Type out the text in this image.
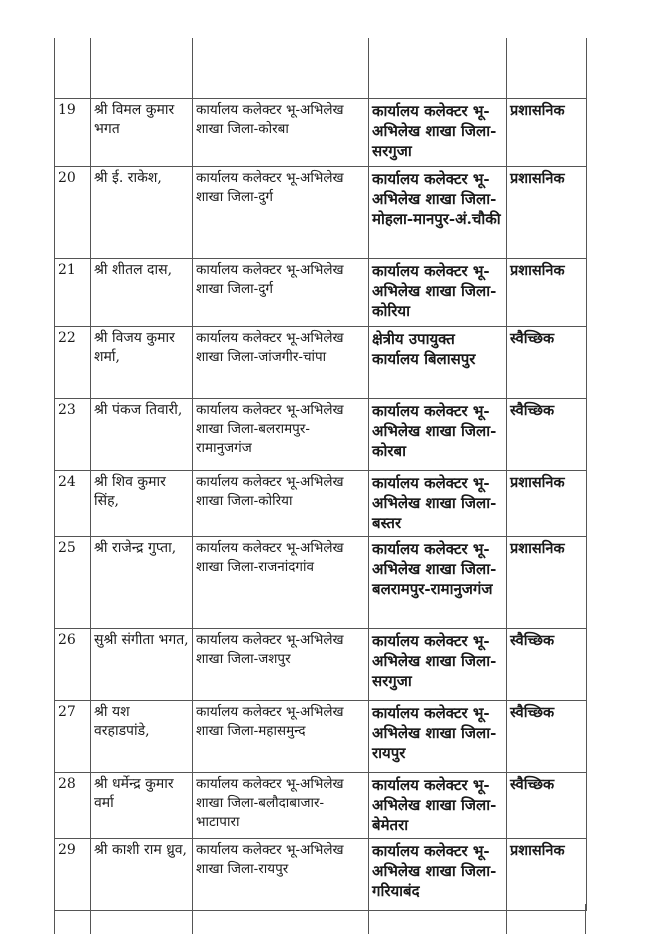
19	श्री विमल कुमार भगत	कार्यालय कलेक्टर भू-अभिलेख शाखा जिला-कोरबा	कार्यालय कलेक्टर भू-अभिलेख शाखा जिला-सरगुजा	प्रशासनिक
20	श्री ई. राकेश,	कार्यालय कलेक्टर भू-अभिलेख शाखा जिला-दुर्ग	कार्यालय कलेक्टर भू-अभिलेख शाखा जिला-मोहला-मानपुर-अं.चौकी	प्रशासनिक
21	श्री शीतल दास,	कार्यालय कलेक्टर भू-अभिलेख शाखा जिला-दुर्ग	कार्यालय कलेक्टर भू-अभिलेख शाखा जिला-कोरिया	प्रशासनिक
22	श्री विजय कुमार शर्मा,	कार्यालय कलेक्टर भू-अभिलेख शाखा जिला-जांजगीर-चांपा	क्षेत्रीय उपायुक्त कार्यालय बिलासपुर	स्वैच्छिक
23	श्री पंकज तिवारी,	कार्यालय कलेक्टर भू-अभिलेख शाखा जिला-बलरामपुर-रामानुजगंज	कार्यालय कलेक्टर भू-अभिलेख शाखा जिला-कोरबा	स्वैच्छिक
24	श्री शिव कुमार सिंह,	कार्यालय कलेक्टर भू-अभिलेख शाखा जिला-कोरिया	कार्यालय कलेक्टर भू-अभिलेख शाखा जिला-बस्तर	प्रशासनिक
25	श्री राजेन्द्र गुप्ता,	कार्यालय कलेक्टर भू-अभिलेख शाखा जिला-राजनांदगांव	कार्यालय कलेक्टर भू-अभिलेख शाखा जिला-बलरामपुर-रामानुजगंज	प्रशासनिक
26	सुश्री संगीता भगत,	कार्यालय कलेक्टर भू-अभिलेख शाखा जिला-जशपुर	कार्यालय कलेक्टर भू-अभिलेख शाखा जिला-सरगुजा	स्वैच्छिक
27	श्री यश वरहाडपांडे,	कार्यालय कलेक्टर भू-अभिलेख शाखा जिला-महासमुन्द	कार्यालय कलेक्टर भू-अभिलेख शाखा जिला-रायपुर	स्वैच्छिक
28	श्री धर्मेन्द्र कुमार वर्मा	कार्यालय कलेक्टर भू-अभिलेख शाखा जिला-बलौदाबाजार-भाटापारा	कार्यालय कलेक्टर भू-अभिलेख शाखा जिला-बेमेतरा	स्वैच्छिक
29	श्री काशी राम ध्रुव,	कार्यालय कलेक्टर भू-अभिलेख शाखा जिला-रायपुर	कार्यालय कलेक्टर भू-अभिलेख शाखा जिला-गरियाबंद	प्रशासनिक
